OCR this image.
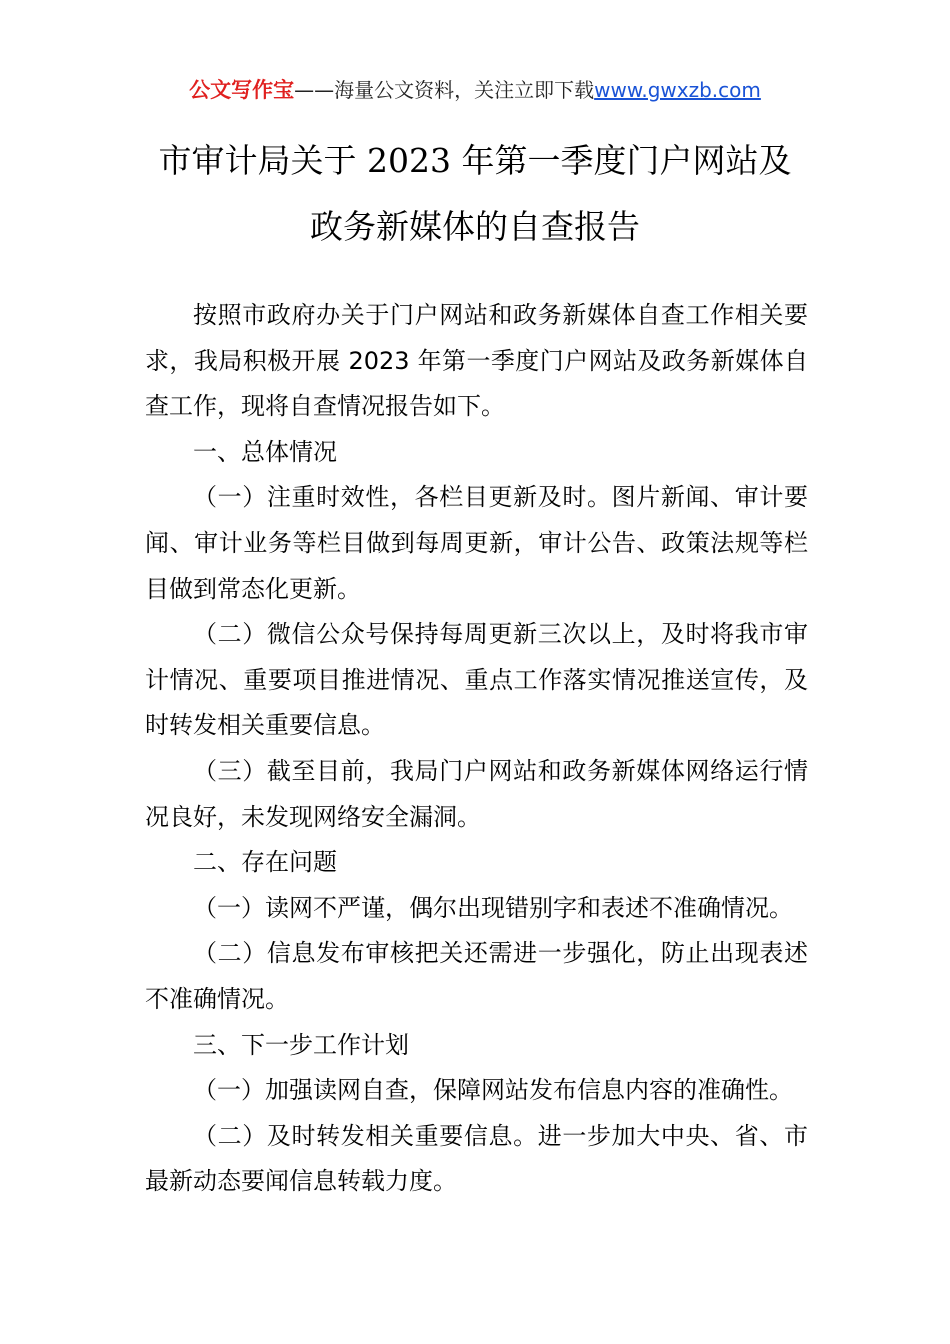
公文写作宝——海量公文资料，关注立即下载www.gwxzb.com
市审计局关于 2023 年第一季度门户网站及
政务新媒体的自查报告

按照市政府办关于门户网站和政务新媒体自查工作相关要求，我局积极开展 2023 年第一季度门户网站及政务新媒体自查工作，现将自查情况报告如下。

一、总体情况

（一）注重时效性，各栏目更新及时。图片新闻、审计要闻、审计业务等栏目做到每周更新，审计公告、政策法规等栏目做到常态化更新。

（二）微信公众号保持每周更新三次以上，及时将我市审计情况、重要项目推进情况、重点工作落实情况推送宣传，及时转发相关重要信息。

（三）截至目前，我局门户网站和政务新媒体网络运行情况良好，未发现网络安全漏洞。

二、存在问题

（一）读网不严谨，偶尔出现错别字和表述不准确情况。

（二）信息发布审核把关还需进一步强化，防止出现表述不准确情况。

三、下一步工作计划

（一）加强读网自查，保障网站发布信息内容的准确性。

（二）及时转发相关重要信息。进一步加大中央、省、市最新动态要闻信息转载力度。
